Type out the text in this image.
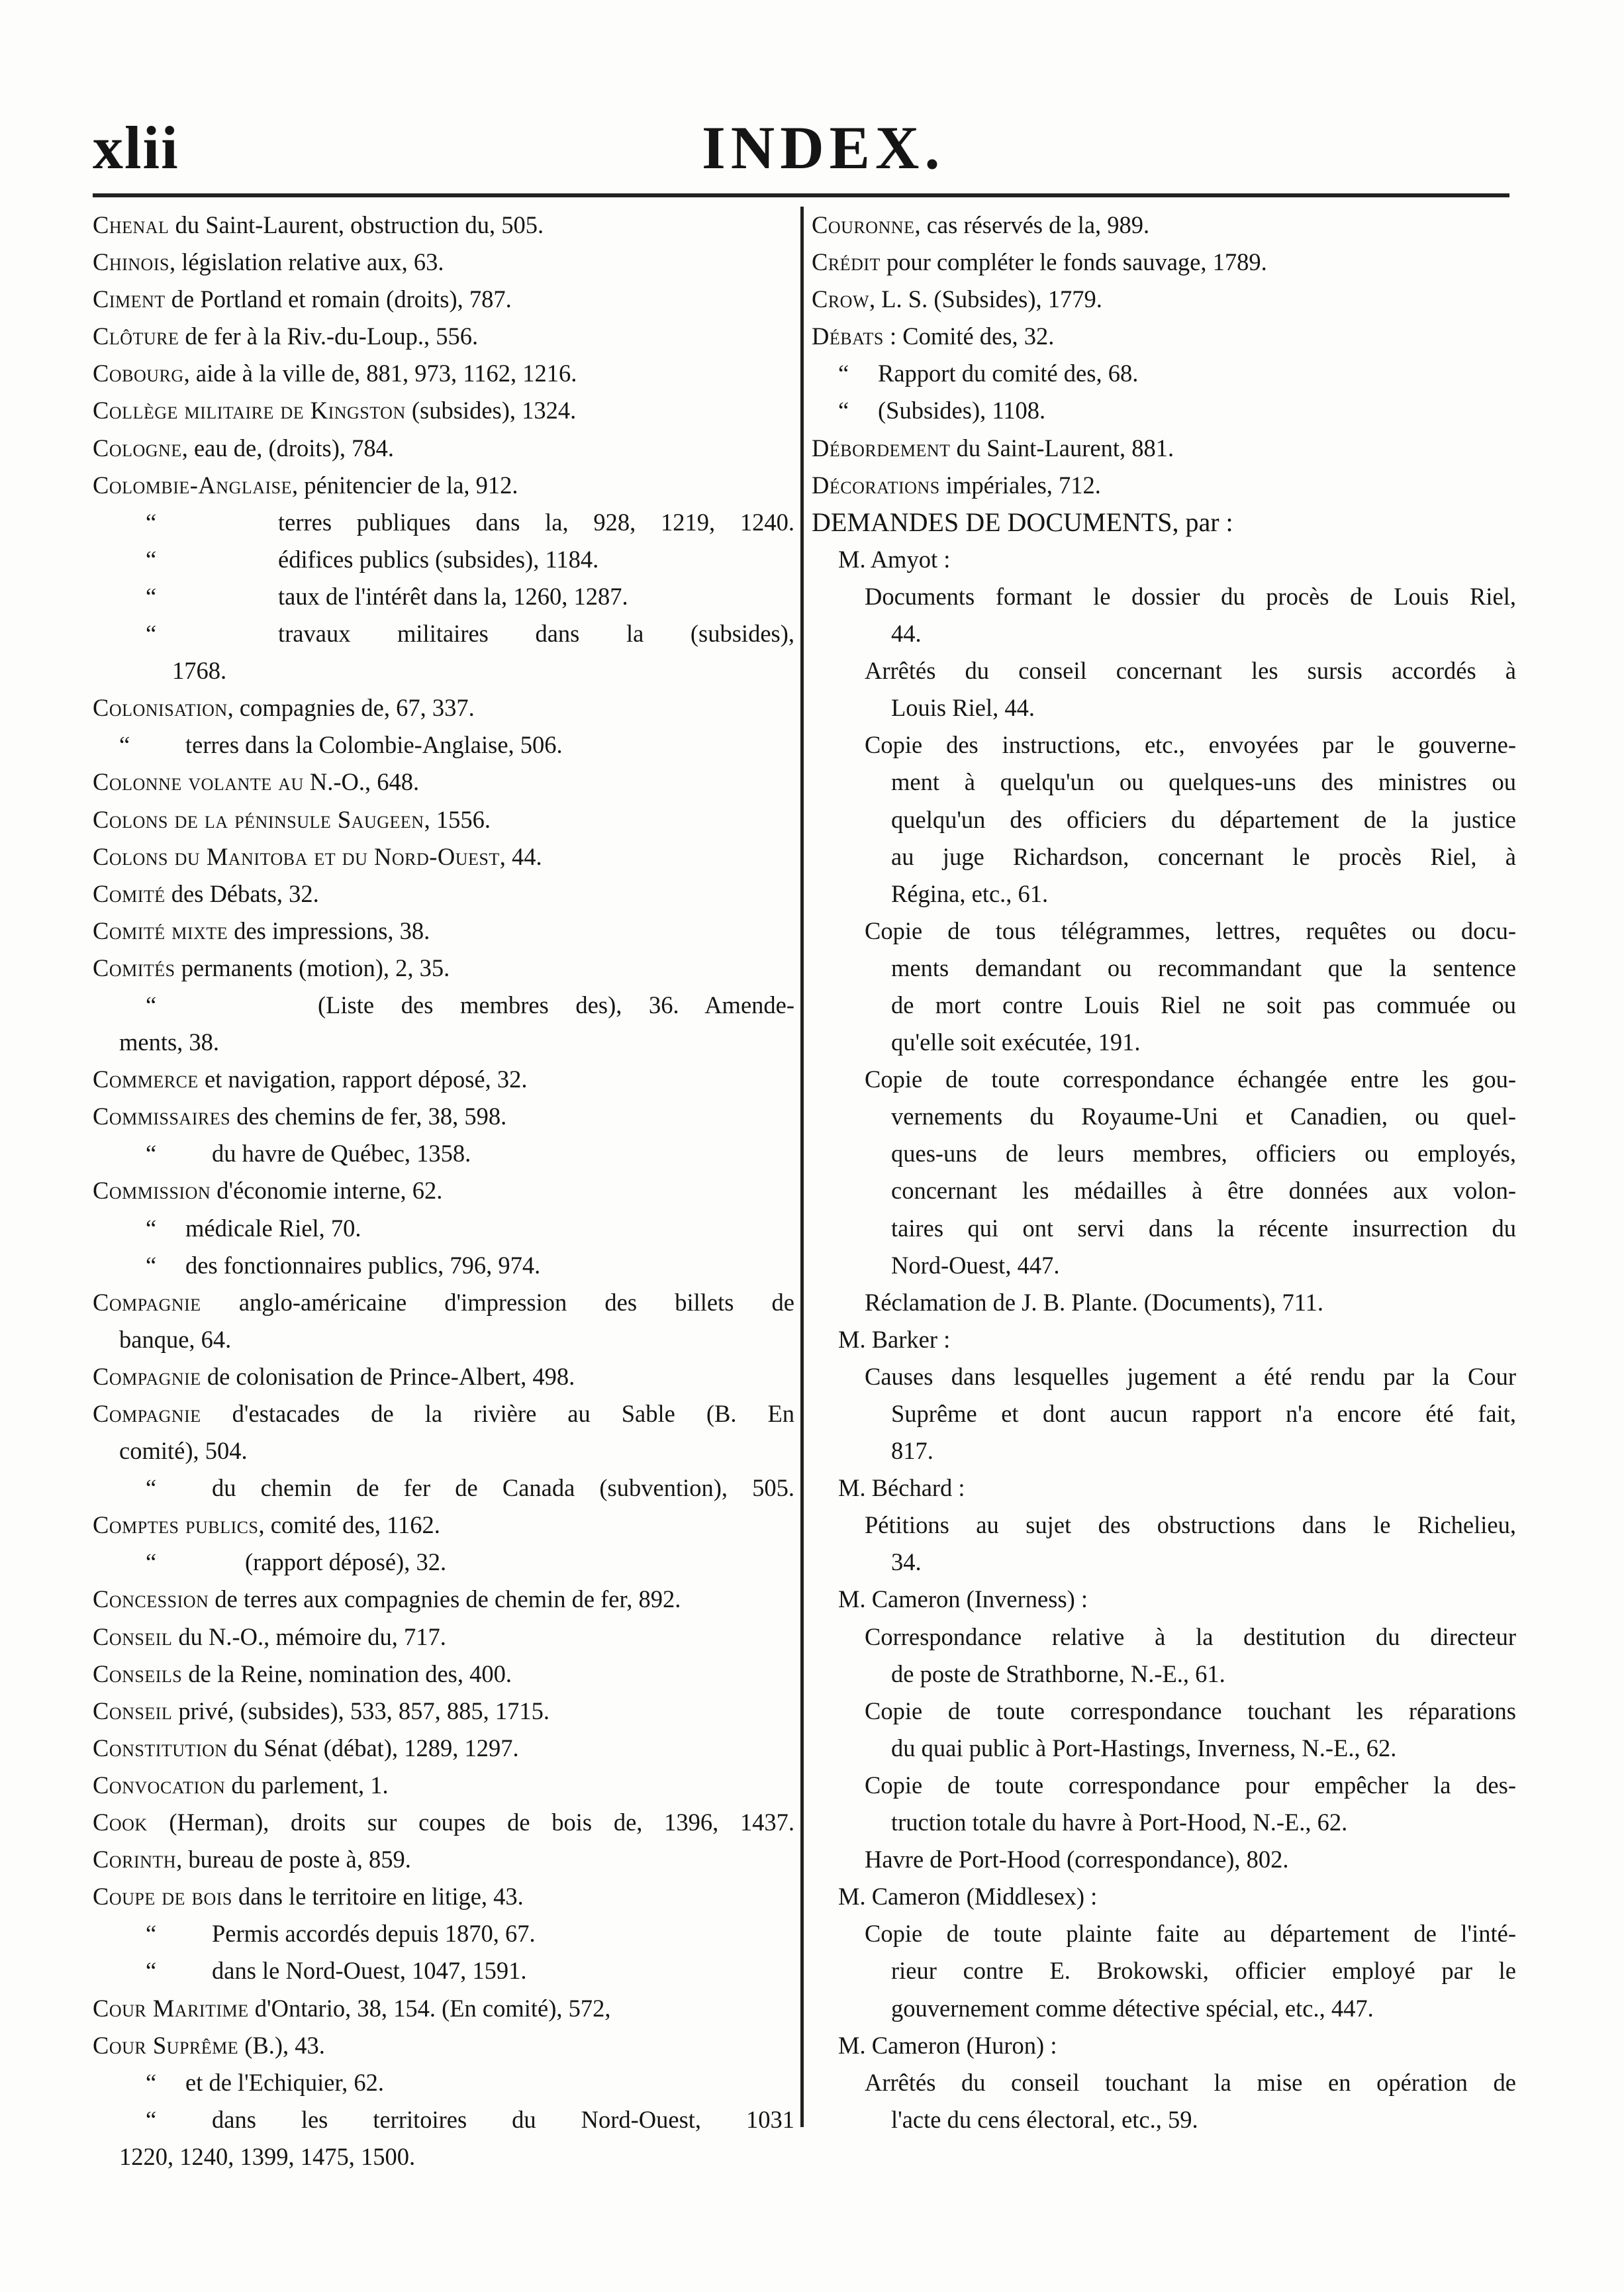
xlii	INDEX.
Chenal du Saint-Laurent, obstruction du, 505.
Chinois, législation relative aux, 63.
Ciment de Portland et romain (droits), 787.
Clôture de fer à la Riv.-du-Loup., 556.
Cobourg, aide à la ville de, 881, 973, 1162, 1216.
Collège militaire de Kingston (subsides), 1324.
Cologne, eau de, (droits), 784.
Colombie-Anglaise, pénitencier de la, 912.
“	terres publiques dans la, 928, 1219, 1240.
“	édifices publics (subsides), 1184.
“	taux de l'intérêt dans la, 1260, 1287.
“	travaux militaires dans la (subsides),
1768.
Colonisation, compagnies de, 67, 337.
“ terres dans la Colombie-Anglaise, 506.
Colonne volante au N.-O., 648.
Colons de la péninsule Saugeen, 1556.
Colons du Manitoba et du Nord-Ouest, 44.
Comité des Débats, 32.
Comité mixte des impressions, 38.
Comités permanents (motion), 2, 35.
“	(Liste des membres des), 36. Amende-
ments, 38.
Commerce et navigation, rapport déposé, 32.
Commissaires des chemins de fer, 38, 598.
“ du havre de Québec, 1358.
Commission d'économie interne, 62.
“ médicale Riel, 70.
“ des fonctionnaires publics, 796, 974.
Compagnie anglo-américaine d'impression des billets de
banque, 64.
Compagnie de colonisation de Prince-Albert, 498.
Compagnie d'estacades de la rivière au Sable (B. En
comité), 504.
“ du chemin de fer de Canada (subvention), 505.
Comptes publics, comité des, 1162.
“	(rapport déposé), 32.
Concession de terres aux compagnies de chemin de fer, 892.
Conseil du N.-O., mémoire du, 717.
Conseils de la Reine, nomination des, 400.
Conseil privé, (subsides), 533, 857, 885, 1715.
Constitution du Sénat (débat), 1289, 1297.
Convocation du parlement, 1.
Cook (Herman), droits sur coupes de bois de, 1396, 1437.
Corinth, bureau de poste à, 859.
Coupe de bois dans le territoire en litige, 43.
“ Permis accordés depuis 1870, 67.
“ dans le Nord-Ouest, 1047, 1591.
Cour Maritime d'Ontario, 38, 154. (En comité), 572,
Cour Suprême (B.), 43.
“ et de l'Echiquier, 62.
“ dans les territoires du Nord-Ouest, 1031
1220, 1240, 1399, 1475, 1500.
Couronne, cas réservés de la, 989.
Crédit pour compléter le fonds sauvage, 1789.
Crow, L. S. (Subsides), 1779.
Débats : Comité des, 32.
“ Rapport du comité des, 68.
“ (Subsides), 1108.
Débordement du Saint-Laurent, 881.
Décorations impériales, 712.
DEMANDES DE DOCUMENTS, par :
M. Amyot :
Documents formant le dossier du procès de Louis Riel,
44.
Arrêtés du conseil concernant les sursis accordés à
Louis Riel, 44.
Copie des instructions, etc., envoyées par le gouverne-
ment à quelqu'un ou quelques-uns des ministres ou
quelqu'un des officiers du département de la justice
au juge Richardson, concernant le procès Riel, à
Régina, etc., 61.
Copie de tous télégrammes, lettres, requêtes ou docu-
ments demandant ou recommandant que la sentence
de mort contre Louis Riel ne soit pas commuée ou
qu'elle soit exécutée, 191.
Copie de toute correspondance échangée entre les gou-
vernements du Royaume-Uni et Canadien, ou quel-
ques-uns de leurs membres, officiers ou employés,
concernant les médailles à être données aux volon-
taires qui ont servi dans la récente insurrection du
Nord-Ouest, 447.
Réclamation de J. B. Plante. (Documents), 711.
M. Barker :
Causes dans lesquelles jugement a été rendu par la Cour
Suprême et dont aucun rapport n'a encore été fait,
817.
M. Béchard :
Pétitions au sujet des obstructions dans le Richelieu,
34.
M. Cameron (Inverness) :
Correspondance relative à la destitution du directeur
de poste de Strathborne, N.-E., 61.
Copie de toute correspondance touchant les réparations
du quai public à Port-Hastings, Inverness, N.-E., 62.
Copie de toute correspondance pour empêcher la des-
truction totale du havre à Port-Hood, N.-E., 62.
Havre de Port-Hood (correspondance), 802.
M. Cameron (Middlesex) :
Copie de toute plainte faite au département de l'inté-
rieur contre E. Brokowski, officier employé par le
gouvernement comme détective spécial, etc., 447.
M. Cameron (Huron) :
Arrêtés du conseil touchant la mise en opération de
l'acte du cens électoral, etc., 59.
